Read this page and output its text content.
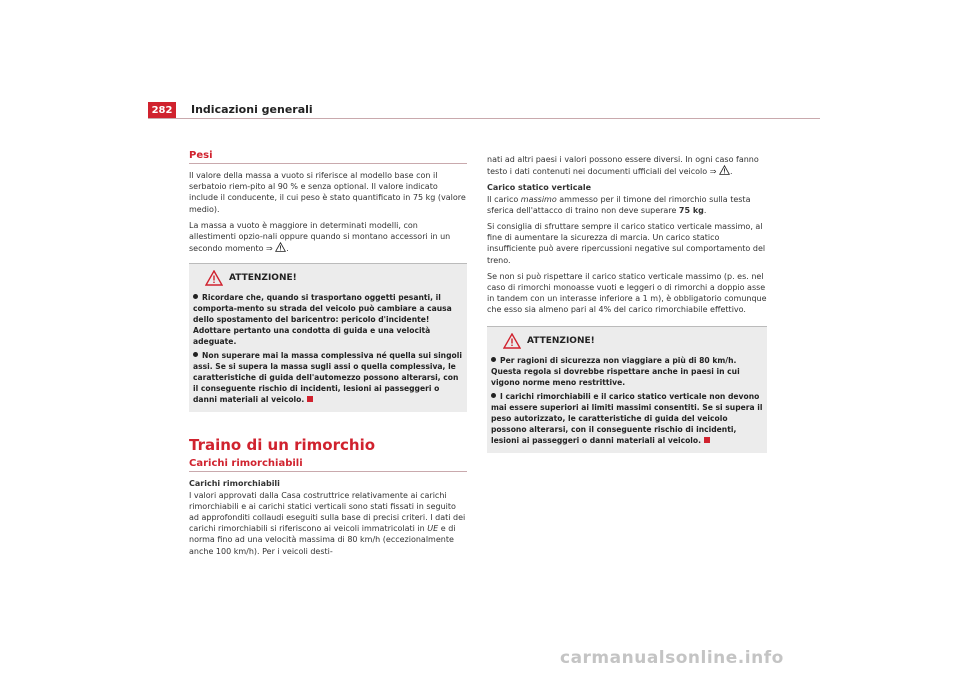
282	Indicazioni generali
Pesi

Il valore della massa a vuoto si riferisce al modello base con il serbatoio riem-pito al 90 % e senza optional. Il valore indicato include il conducente, il cui peso è stato quantificato in 75 kg (valore medio).

La massa a vuoto è maggiore in determinati modelli, con allestimenti opzio-nali oppure quando si montano accessori in un secondo momento ⇒ .

ATTENZIONE!
Ricordare che, quando si trasportano oggetti pesanti, il comporta-mento su strada del veicolo può cambiare a causa dello spostamento del baricentro: pericolo d'incidente! Adottare pertanto una condotta di guida e una velocità adeguate.
Non superare mai la massa complessiva né quella sui singoli assi. Se si supera la massa sugli assi o quella complessiva, le caratteristiche di guida dell'automezzo possono alterarsi, con il conseguente rischio di incidenti, lesioni ai passeggeri o danni materiali al veicolo.
Traino di un rimorchio
Carichi rimorchiabili

Carichi rimorchiabili

I valori approvati dalla Casa costruttrice relativamente ai carichi rimorchiabili e ai carichi statici verticali sono stati fissati in seguito ad approfonditi collaudi eseguiti sulla base di precisi criteri. I dati dei carichi rimorchiabili si riferiscono ai veicoli immatricolati in UE e di norma fino ad una velocità massima di 80 km/h (eccezionalmente anche 100 km/h). Per i veicoli desti-

nati ad altri paesi i valori possono essere diversi. In ogni caso fanno testo i dati contenuti nei documenti ufficiali del veicolo ⇒ .

Carico statico verticale

Il carico massimo ammesso per il timone del rimorchio sulla testa sferica dell'attacco di traino non deve superare 75 kg.

Si consiglia di sfruttare sempre il carico statico verticale massimo, al fine di aumentare la sicurezza di marcia. Un carico statico insufficiente può avere ripercussioni negative sul comportamento del treno.

Se non si può rispettare il carico statico verticale massimo (p. es. nel caso di rimorchi monoasse vuoti e leggeri o di rimorchi a doppio asse in tandem con un interasse inferiore a 1 m), è obbligatorio comunque che esso sia almeno pari al 4% del carico rimorchiabile effettivo.

ATTENZIONE!
Per ragioni di sicurezza non viaggiare a più di 80 km/h. Questa regola si dovrebbe rispettare anche in paesi in cui vigono norme meno restrittive.
I carichi rimorchiabili e il carico statico verticale non devono mai essere superiori ai limiti massimi consentiti. Se si supera il peso autorizzato, le caratteristiche di guida del veicolo possono alterarsi, con il conseguente rischio di incidenti, lesioni ai passeggeri o danni materiali al veicolo.
carmanualsonline.info
